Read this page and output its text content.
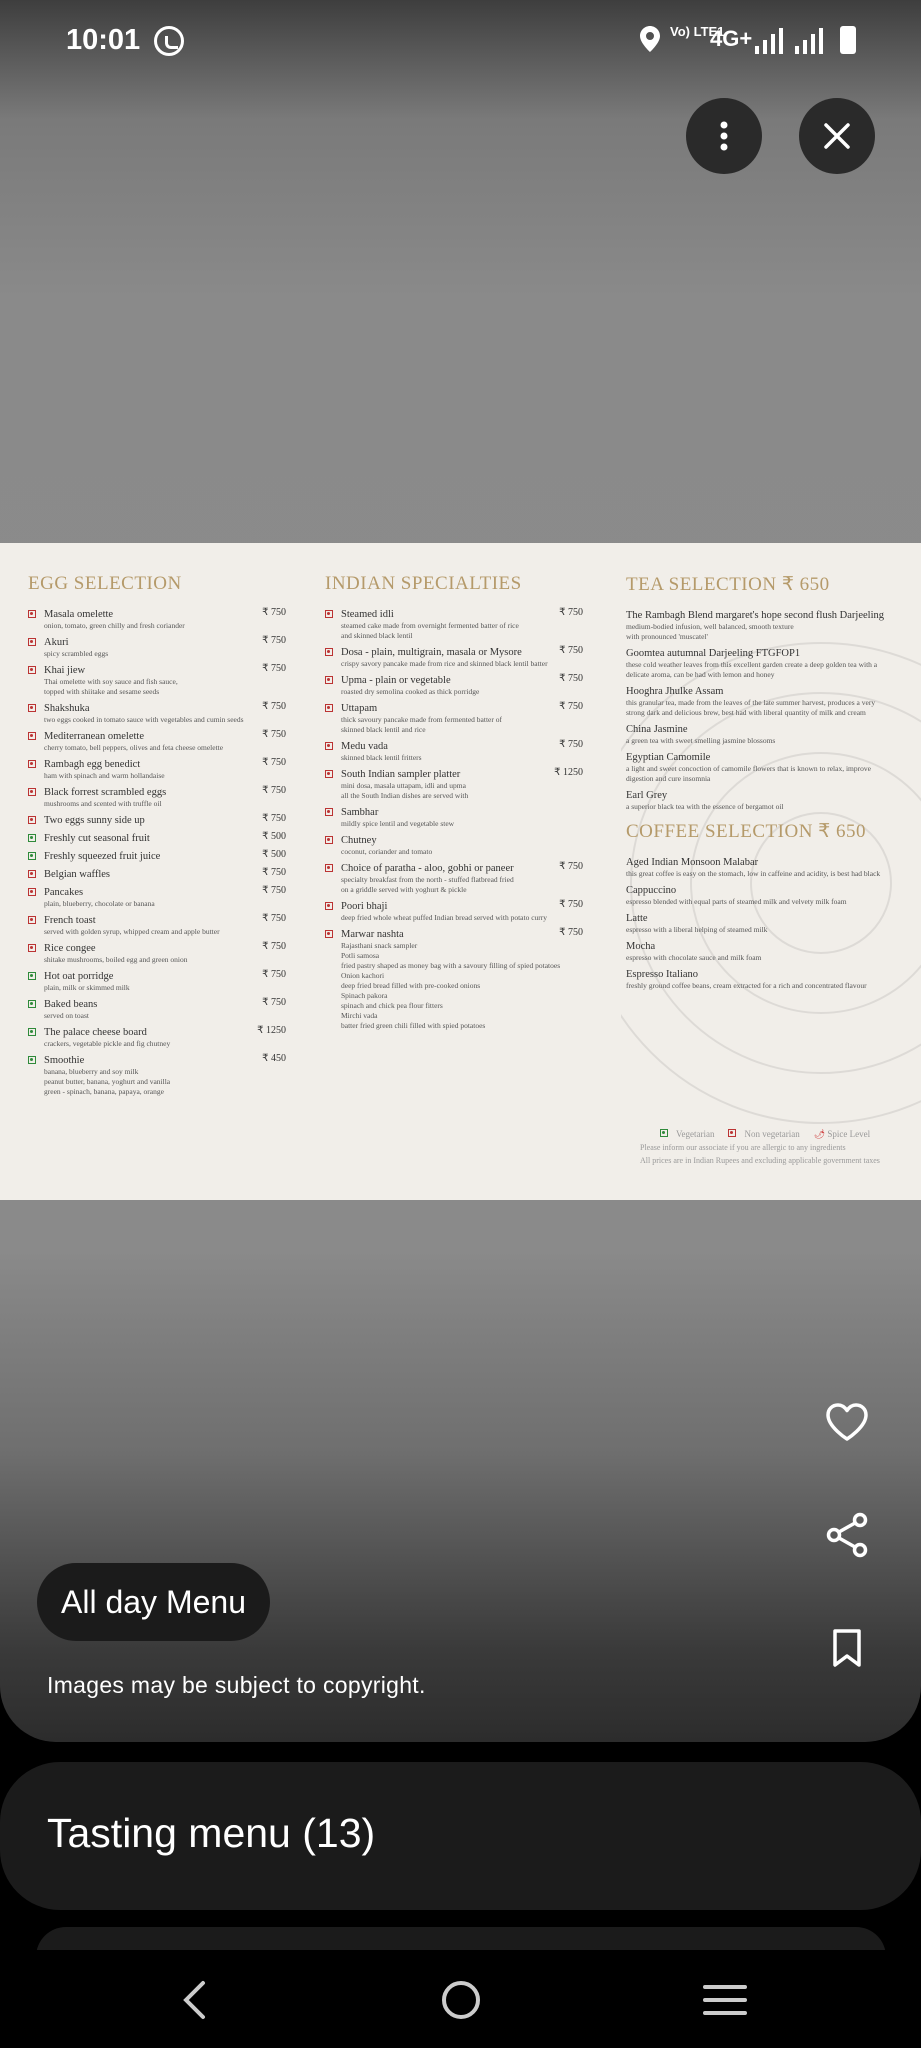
10:01	Vo) LTE1
4G+
EGG SELECTION
Masala omelette	₹ 750
onion, tomato, green chilly and fresh coriander
Akuri	₹ 750
spicy scrambled eggs
Khai jiew	₹ 750
Thai omelette with soy sauce and fish sauce,
topped with shiitake and sesame seeds
Shakshuka	₹ 750
two eggs cooked in tomato sauce with vegetables and cumin seeds
Mediterranean omelette	₹ 750
cherry tomato, bell peppers, olives and feta cheese omelette
Rambagh egg benedict	₹ 750
ham with spinach and warm hollandaise
Black forrest scrambled eggs	₹ 750
mushrooms and scented with truffle oil
Two eggs sunny side up	₹ 750
Freshly cut seasonal fruit	₹ 500
Freshly squeezed fruit juice	₹ 500
Belgian waffles	₹ 750
Pancakes	₹ 750
plain, blueberry, chocolate or banana
French toast	₹ 750
served with golden syrup, whipped cream and apple butter
Rice congee	₹ 750
shitake mushrooms, boiled egg and green onion
Hot oat porridge	₹ 750
plain, milk or skimmed milk
Baked beans	₹ 750
served on toast
The palace cheese board	₹ 1250
crackers, vegetable pickle and fig chutney
Smoothie	₹ 450
banana, blueberry and soy milk
peanut butter, banana, yoghurt and vanilla
green - spinach, banana, papaya, orange
INDIAN SPECIALTIES
Steamed idli	₹ 750
steamed cake made from overnight fermented batter of rice
and skinned black lentil
Dosa - plain, multigrain, masala or Mysore	₹ 750
crispy savory pancake made from rice and skinned black lentil batter
Upma - plain or vegetable	₹ 750
roasted dry semolina cooked as thick porridge
Uttapam	₹ 750
thick savoury pancake made from fermented batter of
skinned black lentil and rice
Medu vada	₹ 750
skinned black lentil fritters
South Indian sampler platter	₹ 1250
mini dosa, masala uttapam, idli and upma
all the South Indian dishes are served with
Sambhar
mildly spice lentil and vegetable stew
Chutney
coconut, coriander and tomato
Choice of paratha - aloo, gobhi or paneer	₹ 750
specialty breakfast from the north - stuffed flatbread fried
on a griddle served with yoghurt & pickle
Poori bhaji	₹ 750
deep fried whole wheat puffed Indian bread served with potato curry
Marwar nashta	₹ 750
Rajasthani snack sampler
Potli samosa
fried pastry shaped as money bag with a savoury filling of spied potatoes
Onion kachori
deep fried bread filled with pre-cooked onions
Spinach pakora
spinach and chick pea flour fitters
Mirchi vada
batter fried green chili filled with spied potatoes
TEA SELECTION ₹ 650
The Rambagh Blend margaret's hope second flush Darjeeling
medium-bodied infusion, well balanced, smooth texture
with pronounced 'muscatel'
Goomtea autumnal Darjeeling FTGFOP1
these cold weather leaves from this excellent garden create a deep golden tea with a
delicate aroma, can be had with lemon and honey
Hooghra Jhulke Assam
this granular tea, made from the leaves of the late summer harvest, produces a very
strong dark and delicious brew, best had with liberal quantity of milk and cream
China Jasmine
a green tea with sweet smelling jasmine blossoms
Egyptian Camomile
a light and sweet concoction of camomile flowers that is known to relax, improve
digestion and cure insomnia
Earl Grey
a superior black tea with the essence of bergamot oil
COFFEE SELECTION ₹ 650
Aged Indian Monsoon Malabar
this great coffee is easy on the stomach, low in caffeine and acidity, is best had black
Cappuccino
espresso blended with equal parts of steamed milk and velvety milk foam
Latte
espresso with a liberal helping of steamed milk
Mocha
espresso with chocolate sauce and milk foam
Espresso Italiano
freshly ground coffee beans, cream extracted for a rich and concentrated flavour
Vegetarian	Non vegetarian 🌶 Spice Level
Please inform our associate if you are allergic to any ingredients
All prices are in Indian Rupees and excluding applicable government taxes
All day Menu
Images may be subject to copyright.
Tasting menu (13)
